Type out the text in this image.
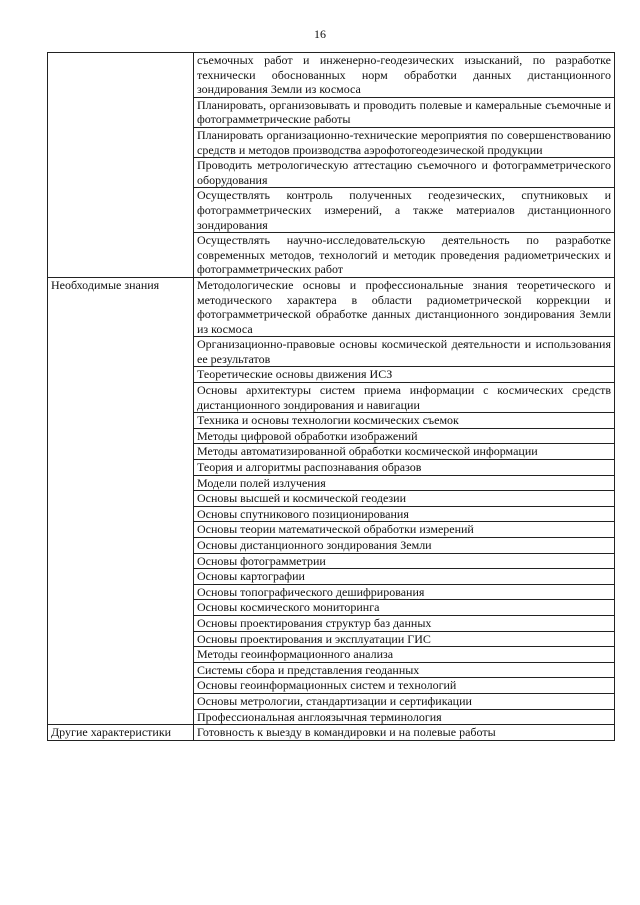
16
	съемочных работ и инженерно-геодезических изысканий, по разработке технически обоснованных норм обработки данных дистанционного зондирования Земли из космоса
	Планировать, организовывать и проводить полевые и камеральные съемочные и фотограмметрические работы
	Планировать организационно-технические мероприятия по совершенствованию средств и методов производства аэрофотогеодезической продукции
	Проводить метрологическую аттестацию съемочного и фотограмметрического оборудования
	Осуществлять контроль полученных геодезических, спутниковых и фотограмметрических измерений, а также материалов дистанционного зондирования
	Осуществлять научно-исследовательскую деятельность по разработке современных методов, технологий и методик проведения радиометрических и фотограмметрических работ
Необходимые знания	Методологические основы и профессиональные знания теоретического и методического характера в области радиометрической коррекции и фотограмметрической обработке данных дистанционного зондирования Земли из космоса
	Организационно-правовые основы космической деятельности и использования ее результатов
	Теоретические основы движения ИСЗ
	Основы архитектуры систем приема информации с космических средств дистанционного зондирования и навигации
	Техника и основы технологии космических съемок
	Методы цифровой обработки изображений
	Методы автоматизированной обработки космической информации
	Теория и алгоритмы распознавания образов
	Модели полей излучения
	Основы высшей и космической геодезии
	Основы спутникового позиционирования
	Основы теории математической обработки измерений
	Основы дистанционного зондирования Земли
	Основы фотограмметрии
	Основы картографии
	Основы топографического дешифрирования
	Основы космического мониторинга
	Основы проектирования структур баз данных
	Основы проектирования и эксплуатации ГИС
	Методы геоинформационного анализа
	Системы сбора и представления геоданных
	Основы геоинформационных систем и технологий
	Основы метрологии, стандартизации и сертификации
	Профессиональная англоязычная терминология
Другие характеристики	Готовность к выезду в командировки и на полевые работы
